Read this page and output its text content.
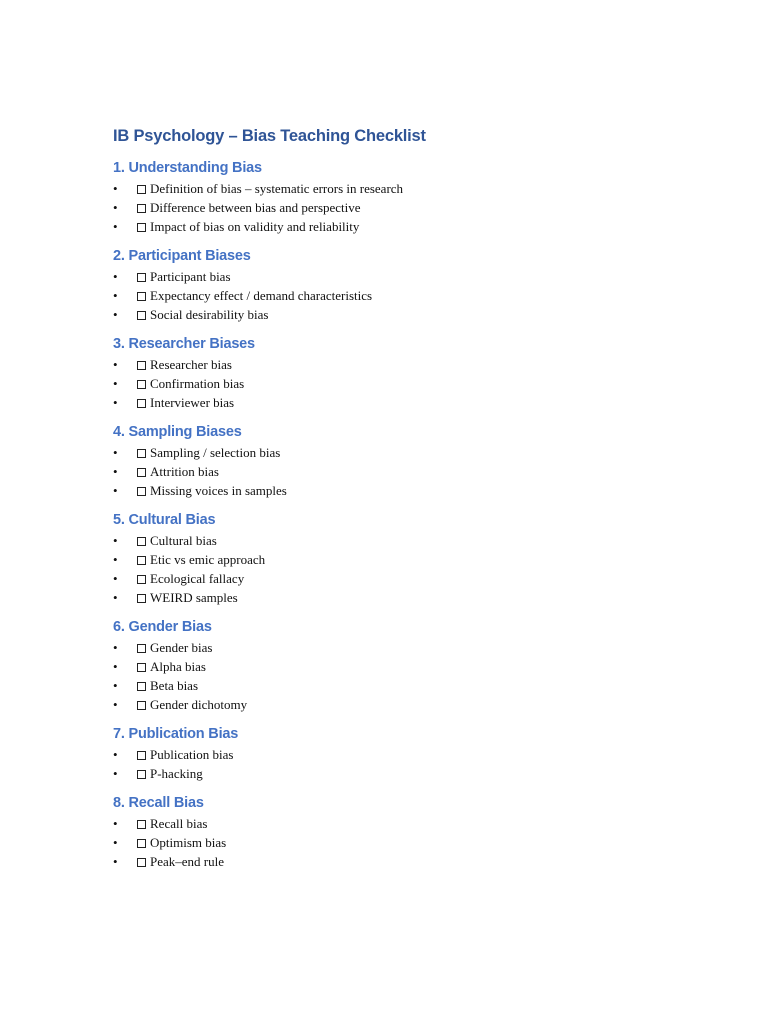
IB Psychology – Bias Teaching Checklist
1. Understanding Bias
• Definition of bias – systematic errors in research
• Difference between bias and perspective
• Impact of bias on validity and reliability
2. Participant Biases
• Participant bias
• Expectancy effect / demand characteristics
• Social desirability bias
3. Researcher Biases
• Researcher bias
• Confirmation bias
• Interviewer bias
4. Sampling Biases
• Sampling / selection bias
• Attrition bias
• Missing voices in samples
5. Cultural Bias
• Cultural bias
• Etic vs emic approach
• Ecological fallacy
• WEIRD samples
6. Gender Bias
• Gender bias
• Alpha bias
• Beta bias
• Gender dichotomy
7. Publication Bias
• Publication bias
• P-hacking
8. Recall Bias
• Recall bias
• Optimism bias
• Peak–end rule
